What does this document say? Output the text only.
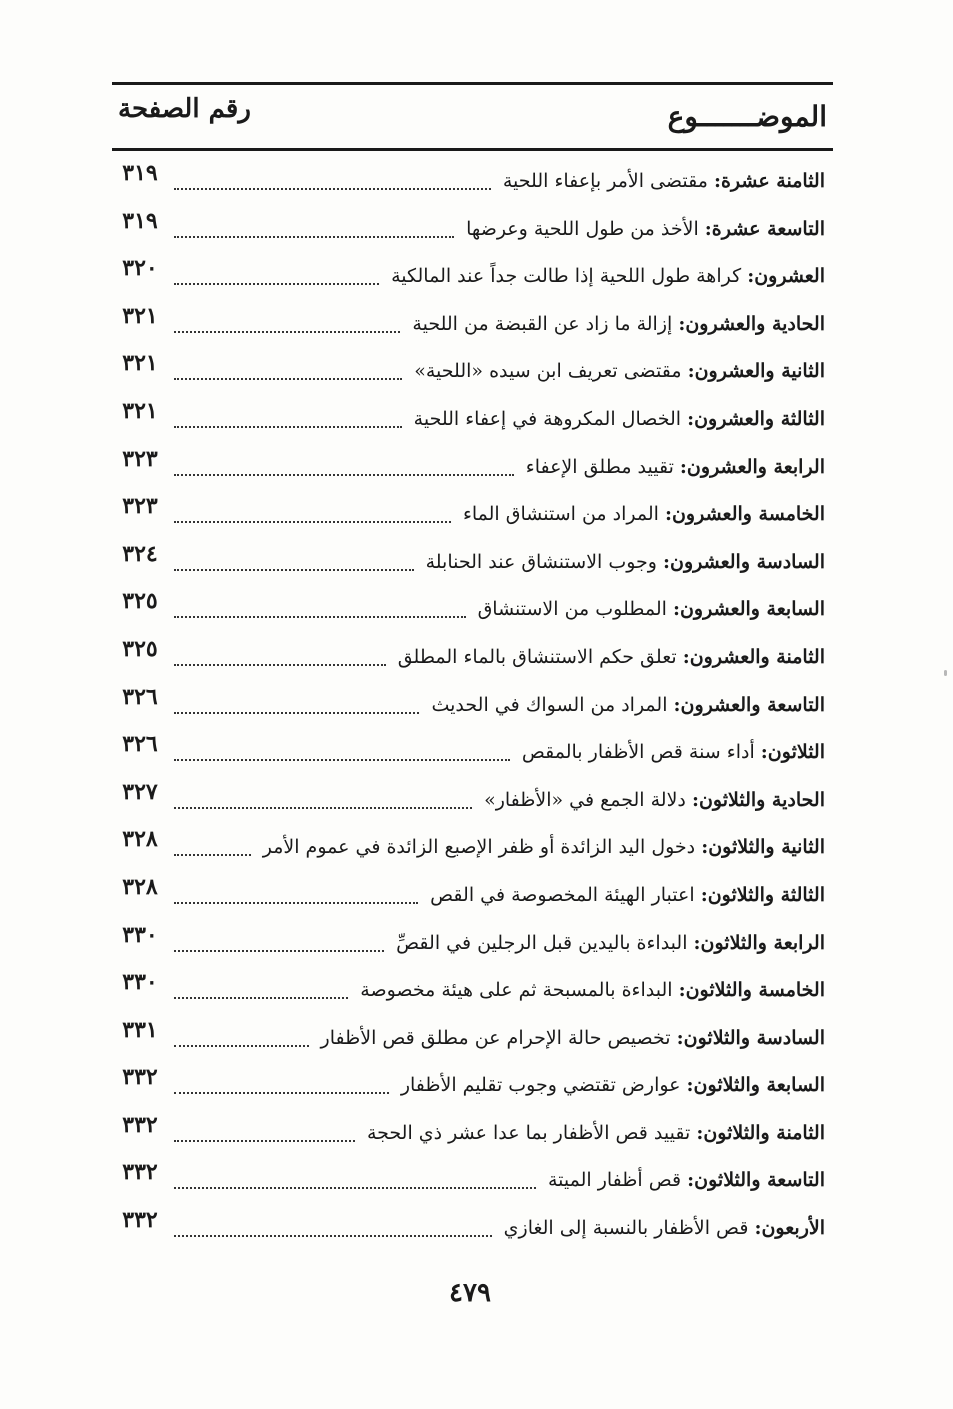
الموضـــــــوع
رقم الصفحة
الثامنة عشرة: مقتضى الأمر بإعفاء اللحية
٣١٩
التاسعة عشرة: الأخذ من طول اللحية وعرضها
٣١٩
العشرون: كراهة طول اللحية إذا طالت جداً عند المالكية
٣٢٠
الحادية والعشرون: إزالة ما زاد عن القبضة من اللحية
٣٢١
الثانية والعشرون: مقتضى تعريف ابن سيده «اللحية»
٣٢١
الثالثة والعشرون: الخصال المكروهة في إعفاء اللحية
٣٢١
الرابعة والعشرون: تقييد مطلق الإعفاء
٣٢٣
الخامسة والعشرون: المراد من استنشاق الماء
٣٢٣
السادسة والعشرون: وجوب الاستنشاق عند الحنابلة
٣٢٤
السابعة والعشرون: المطلوب من الاستنشاق
٣٢٥
الثامنة والعشرون: تعلق حكم الاستنشاق بالماء المطلق
٣٢٥
التاسعة والعشرون: المراد من السواك في الحديث
٣٢٦
الثلاثون: أداء سنة قص الأظفار بالمقص
٣٢٦
الحادية والثلاثون: دلالة الجمع في «الأظفار»
٣٢٧
الثانية والثلاثون: دخول اليد الزائدة أو ظفر الإصبع الزائدة في عموم الأمر
٣٢٨
الثالثة والثلاثون: اعتبار الهيئة المخصوصة في القص
٣٢٨
الرابعة والثلاثون: البداءة باليدين قبل الرجلين في القصِّ
٣٣٠
الخامسة والثلاثون: البداءة بالمسبحة ثم على هيئة مخصوصة
٣٣٠
السادسة والثلاثون: تخصيص حالة الإحرام عن مطلق قص الأظفار
٣٣١
السابعة والثلاثون: عوارض تقتضي وجوب تقليم الأظفار
٣٣٢
الثامنة والثلاثون: تقييد قص الأظفار بما عدا عشر ذي الحجة
٣٣٢
التاسعة والثلاثون: قص أظفار الميتة
٣٣٢
الأربعون: قص الأظفار بالنسبة إلى الغازي
٣٣٢
٤٧٩
